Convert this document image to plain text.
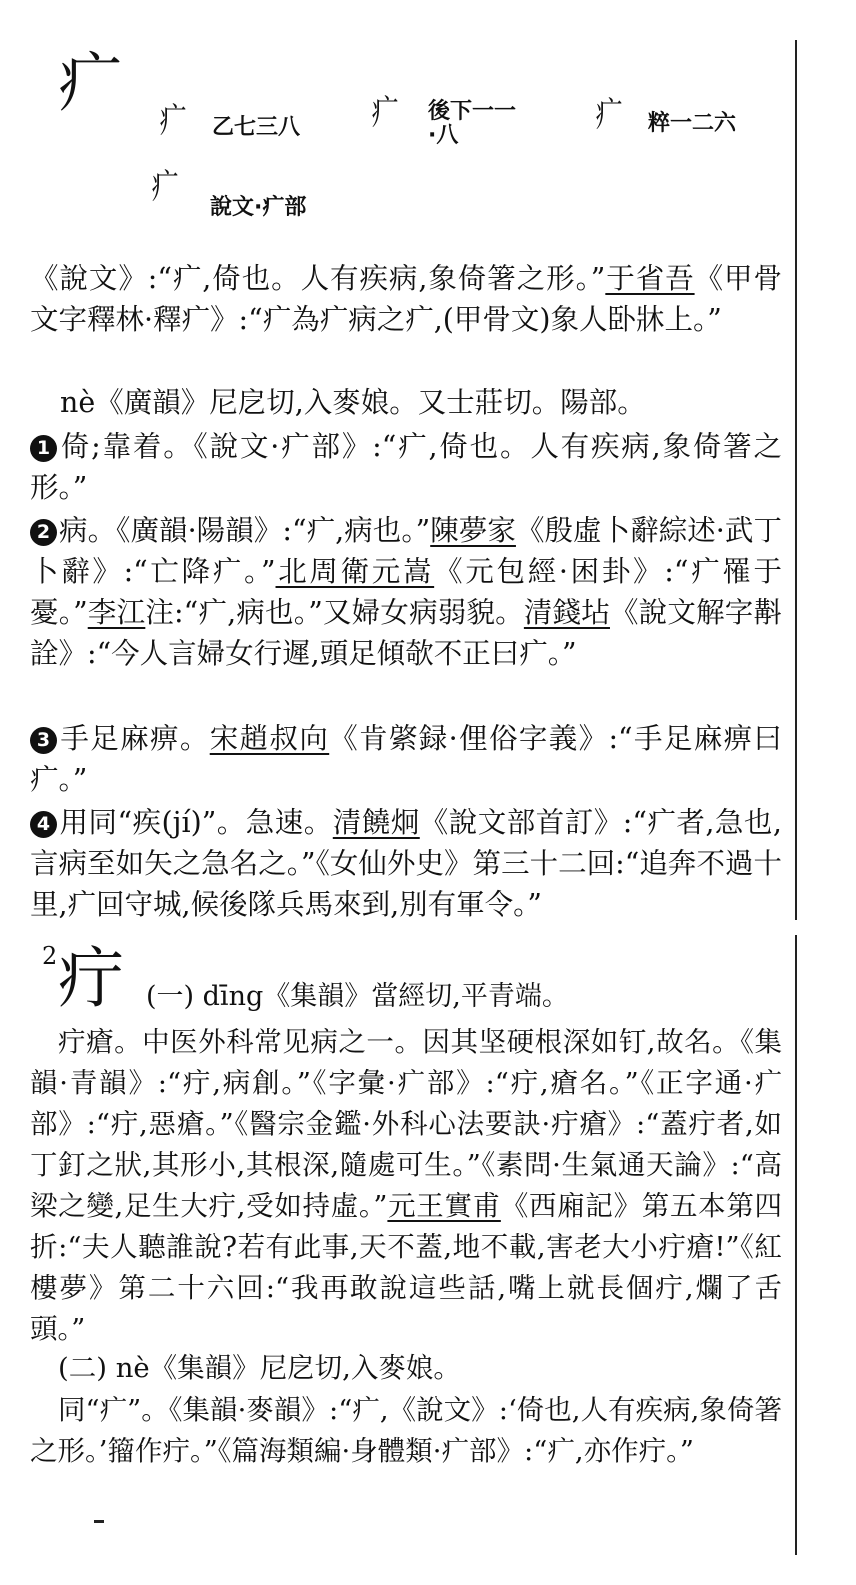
疒 疒 乙七三八 疒 後下一一·八
疒 粹一二六
疒
說文·疒部

《說文》:“疒,倚也。人有疾病,象倚箸之形。”于省吾《甲骨文字釋林·釋疒》:“疒為疒病之疒,(甲骨文)象人卧牀上。”

nè《廣韻》尼戹切,入麥娘。又士莊切。陽部。

1 倚;靠着。《說文·疒部》:“疒,倚也。人有疾病,象倚箸之形。”

2 病。《廣韻·陽韻》:“疒,病也。”陳夢家《殷虛卜辭綜述·武丁卜辭》:“亡降疒。”北周衛元嵩《元包經·困卦》:“疒罹于憂。”李江注:“疒,病也。”又婦女病弱貌。清錢坫《說文解字斠詮》:“今人言婦女行遲,頭足傾欹不正曰疒。”

3 手足麻痹。宋趙叔向《肯綮録·俚俗字義》:“手足麻痹曰疒。”

4 用同“疾(jí)”。急速。清饒炯《說文部首訂》:“疒者,急也,言病至如矢之急名之。”《女仙外史》第三十二回:“追奔不過十里,疒回守城,候後隊兵馬來到,別有軍令。”

2 疔 (一) dīng《集韻》當經切,平青端。

疔瘡。中医外科常见病之一。因其坚硬根深如钉,故名。《集韻·青韻》:“疔,病創。”《字彙·疒部》:“疔,瘡名。”《正字通·疒部》:“疔,惡瘡。”《醫宗金鑑·外科心法要訣·疔瘡》:“蓋疔者,如丁釘之狀,其形小,其根深,隨處可生。”《素問·生氣通天論》:“高梁之變,足生大疔,受如持虛。”元王實甫《西廂記》第五本第四折:“夫人聽誰說?若有此事,天不蓋,地不載,害老大小疔瘡!”《紅樓夢》第二十六回:“我再敢說這些話,嘴上就長個疔,爛了舌頭。”

(二) nè《集韻》尼戹切,入麥娘。

同“疒”。《集韻·麥韻》:“疒,《說文》:‘倚也,人有疾病,象倚箸之形。’籀作疔。”《篇海類編·身體類·疒部》:“疒,亦作疔。”
